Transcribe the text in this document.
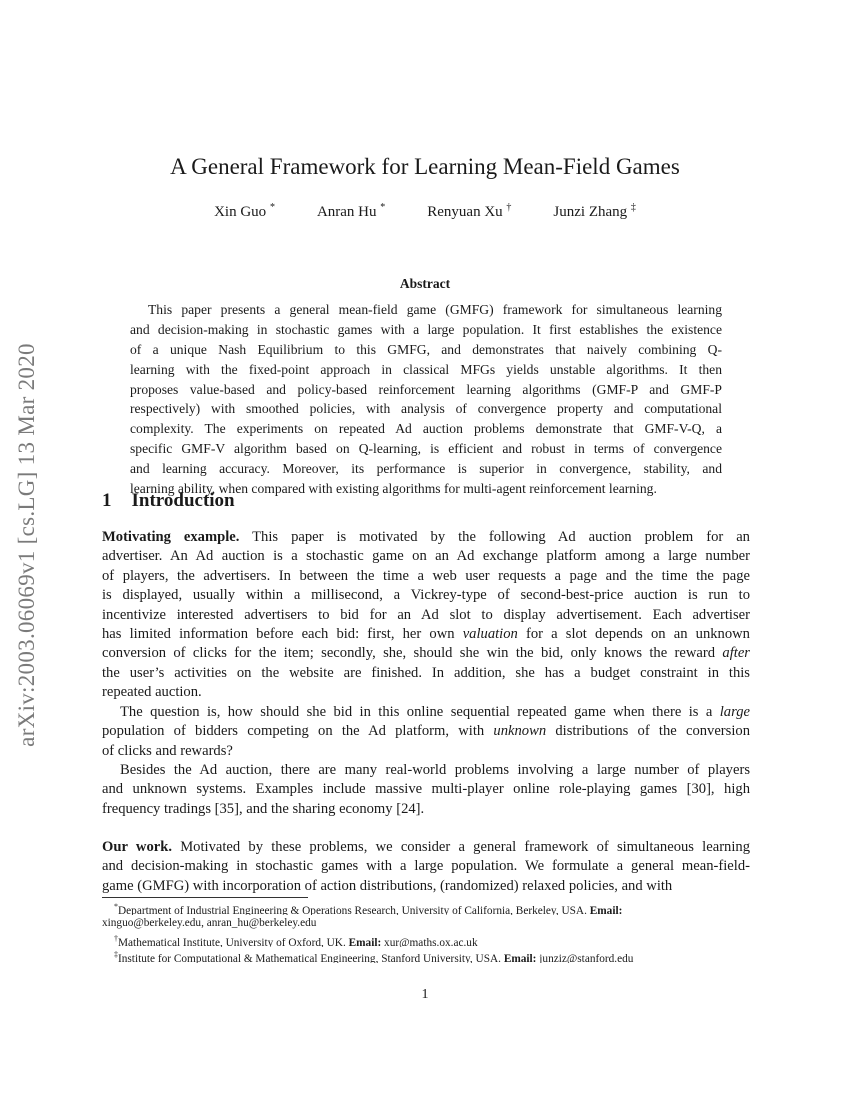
arXiv:2003.06069v1 [cs.LG] 13 Mar 2020
A General Framework for Learning Mean-Field Games
Xin Guo *	Anran Hu *	Renyuan Xu †	Junzi Zhang ‡
Abstract
This paper presents a general mean-field game (GMFG) framework for simultaneous learning
and decision-making in stochastic games with a large population. It first establishes the existence
of a unique Nash Equilibrium to this GMFG, and demonstrates that naively combining Q-
learning with the fixed-point approach in classical MFGs yields unstable algorithms. It then
proposes value-based and policy-based reinforcement learning algorithms (GMF-P and GMF-P
respectively) with smoothed policies, with analysis of convergence property and computational
complexity. The experiments on repeated Ad auction problems demonstrate that GMF-V-Q, a
specific GMF-V algorithm based on Q-learning, is efficient and robust in terms of convergence
and learning accuracy. Moreover, its performance is superior in convergence, stability, and
learning ability, when compared with existing algorithms for multi-agent reinforcement learning.
1 Introduction
Motivating example. This paper is motivated by the following Ad auction problem for an
advertiser. An Ad auction is a stochastic game on an Ad exchange platform among a large number
of players, the advertisers. In between the time a web user requests a page and the time the page
is displayed, usually within a millisecond, a Vickrey-type of second-best-price auction is run to
incentivize interested advertisers to bid for an Ad slot to display advertisement. Each advertiser
has limited information before each bid: first, her own valuation for a slot depends on an unknown
conversion of clicks for the item; secondly, she, should she win the bid, only knows the reward after
the user’s activities on the website are finished. In addition, she has a budget constraint in this
repeated auction.
The question is, how should she bid in this online sequential repeated game when there is a large
population of bidders competing on the Ad platform, with unknown distributions of the conversion
of clicks and rewards?
Besides the Ad auction, there are many real-world problems involving a large number of players
and unknown systems. Examples include massive multi-player online role-playing games [30], high
frequency tradings [35], and the sharing economy [24].
Our work. Motivated by these problems, we consider a general framework of simultaneous learning
and decision-making in stochastic games with a large population. We formulate a general mean-field-
game (GMFG) with incorporation of action distributions, (randomized) relaxed policies, and with
*Department of Industrial Engineering & Operations Research, University of California, Berkeley, USA. Email:
xinguo@berkeley.edu, anran_hu@berkeley.edu
†Mathematical Institute, University of Oxford, UK. Email: xur@maths.ox.ac.uk
‡Institute for Computational & Mathematical Engineering, Stanford University, USA. Email: junziz@stanford.edu
1
